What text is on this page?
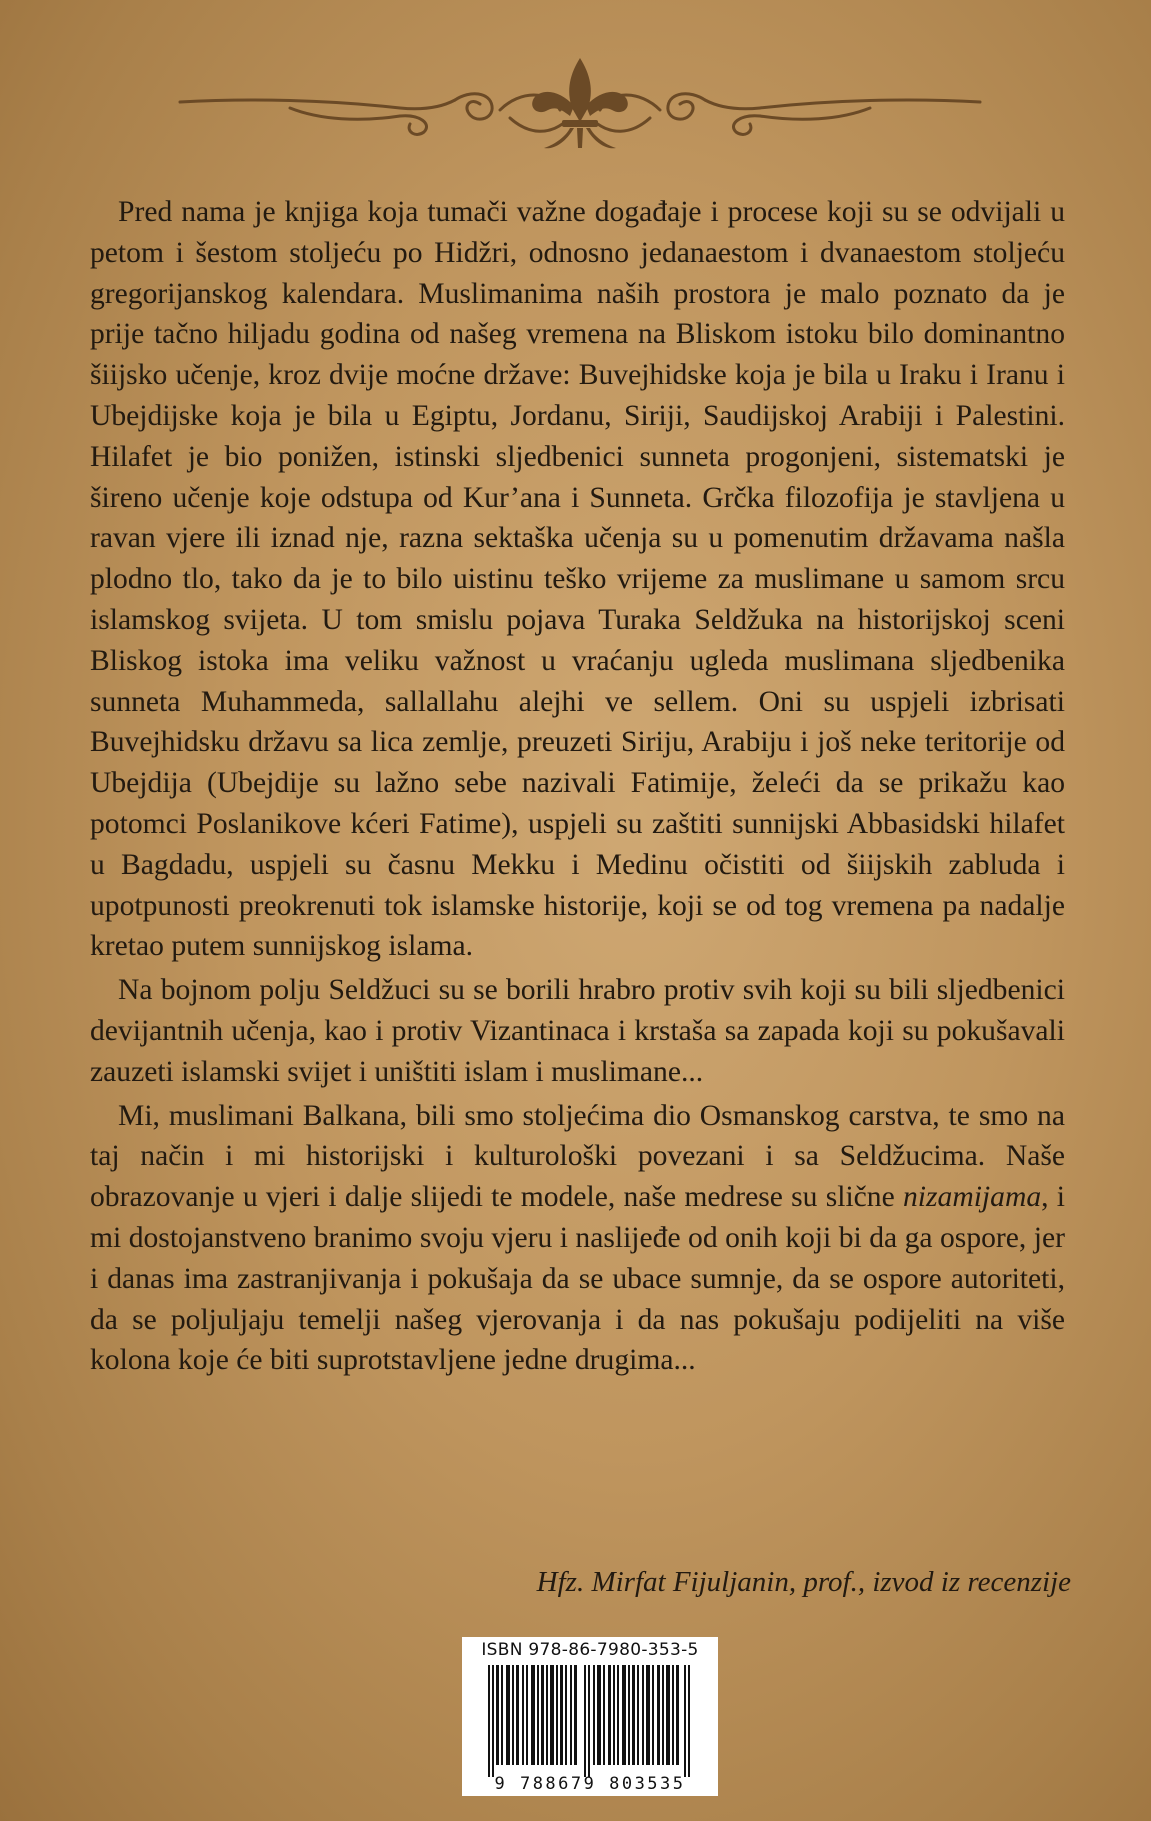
Pred nama je knjiga koja tumači važne događaje i procese koji su se odvijali u petom i šestom stoljeću po Hidžri, odnosno jedanaestom i dvanaestom stoljeću gregorijanskog kalendara. Muslimanima naših prostora je malo poznato da je prije tačno hiljadu godina od našeg vremena na Bliskom istoku bilo dominantno šiijsko učenje, kroz dvije moćne države: Buvejhidske koja je bila u Iraku i Iranu i Ubejdijske koja je bila u Egiptu, Jordanu, Siriji, Saudijskoj Arabiji i Palestini. Hilafet je bio ponižen, istinski sljedbenici sunneta progonjeni, sistematski je šireno učenje koje odstupa od Kur’ana i Sunneta. Grčka filozofija je stavljena u ravan vjere ili iznad nje, razna sektaška učenja su u pomenutim državama našla plodno tlo, tako da je to bilo uistinu teško vrijeme za muslimane u samom srcu islamskog svijeta. U tom smislu pojava Turaka Seldžuka na historijskoj sceni Bliskog istoka ima veliku važnost u vraćanju ugleda muslimana sljedbenika sunneta Muhammeda, sallallahu alejhi ve sellem. Oni su uspjeli izbrisati Buvejhidsku državu sa lica zemlje, preuzeti Siriju, Arabiju i još neke teritorije od Ubejdija (Ubejdije su lažno sebe nazivali Fatimije, želeći da se prikažu kao potomci Poslanikove kćeri Fatime), uspjeli su zaštiti sunnijski Abbasidski hilafet u Bagdadu, uspjeli su časnu Mekku i Medinu očistiti od šiijskih zabluda i upotpunosti preokrenuti tok islamske historije, koji se od tog vremena pa nadalje kretao putem sunnijskog islama.

Na bojnom polju Seldžuci su se borili hrabro protiv svih koji su bili sljedbenici devijantnih učenja, kao i protiv Vizantinaca i krstaša sa zapada koji su pokušavali zauzeti islamski svijet i uništiti islam i muslimane...

Mi, muslimani Balkana, bili smo stoljećima dio Osmanskog carstva, te smo na taj način i mi historijski i kulturološki povezani i sa Seldžucima. Naše obrazovanje u vjeri i dalje slijedi te modele, naše medrese su slične nizamijama, i mi dostojanstveno branimo svoju vjeru i naslijeđe od onih koji bi da ga ospore, jer i danas ima zastranjivanja i pokušaja da se ubace sumnje, da se ospore autoriteti, da se poljuljaju temelji našeg vjerovanja i da nas pokušaju podijeliti na više kolona koje će biti suprotstavljene jedne drugima...

Hfz. Mirfat Fijuljanin, prof., izvod iz recenzije
ISBN 978-86-7980-353-5
9 788679 803535
